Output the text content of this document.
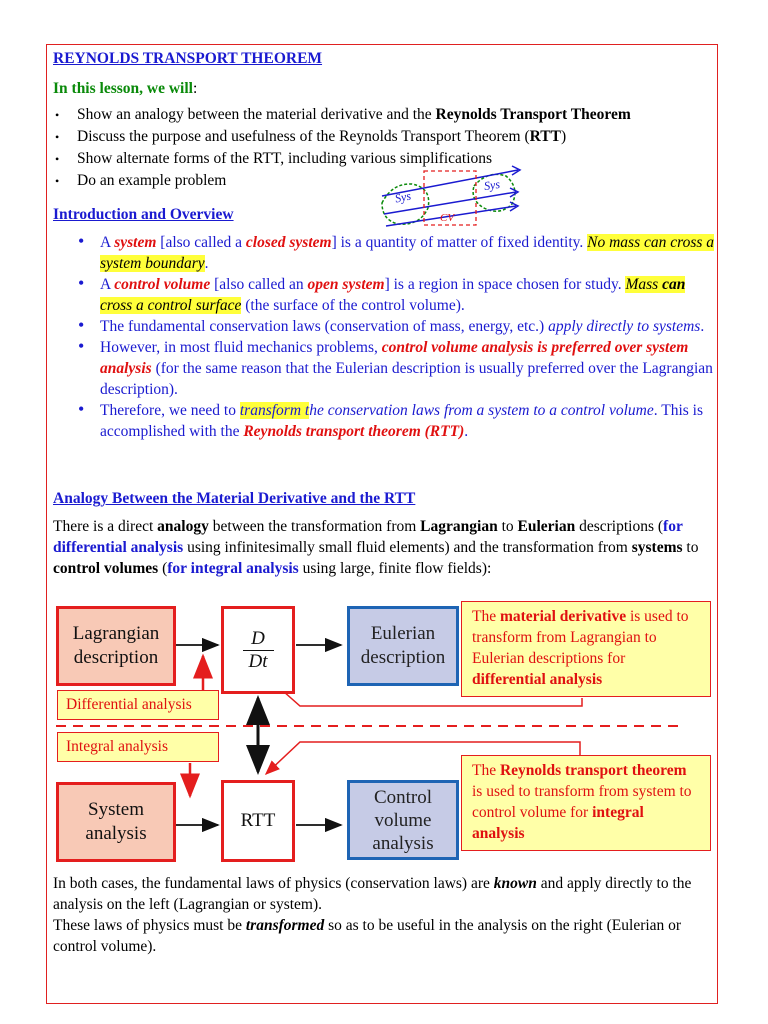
REYNOLDS TRANSPORT THEOREM
In this lesson, we will:
• Show an analogy between the material derivative and the Reynolds Transport Theorem
• Discuss the purpose and usefulness of the Reynolds Transport Theorem (RTT)
• Show alternate forms of the RTT, including various simplifications
• Do an example problem
Sys
Sys
CV
Introduction and Overview
• A system [also called a closed system] is a quantity of matter of fixed identity. No mass can cross a system boundary.
• A control volume [also called an open system] is a region in space chosen for study. Mass can cross a control surface (the surface of the control volume).
• The fundamental conservation laws (conservation of mass, energy, etc.) apply directly to systems.
• However, in most fluid mechanics problems, control volume analysis is preferred over system analysis (for the same reason that the Eulerian description is usually preferred over the Lagrangian description).
• Therefore, we need to transform the conservation laws from a system to a control volume. This is accomplished with the Reynolds transport theorem (RTT).
Analogy Between the Material Derivative and the RTT
There is a direct analogy between the transformation from Lagrangian to Eulerian descriptions (for differential analysis using infinitesimally small fluid elements) and the transformation from systems to control volumes (for integral analysis using large, finite flow fields):
Lagrangian
description
D
Dt
Eulerian
description
The material derivative is used to transform from Lagrangian to Eulerian descriptions for differential analysis
Differential analysis
Integral analysis
System
analysis
RTT
Control
volume
analysis
The Reynolds transport theorem is used to transform from system to control volume for integral analysis
In both cases, the fundamental laws of physics (conservation laws) are known and apply directly to the analysis on the left (Lagrangian or system).
These laws of physics must be transformed so as to be useful in the analysis on the right (Eulerian or control volume).
